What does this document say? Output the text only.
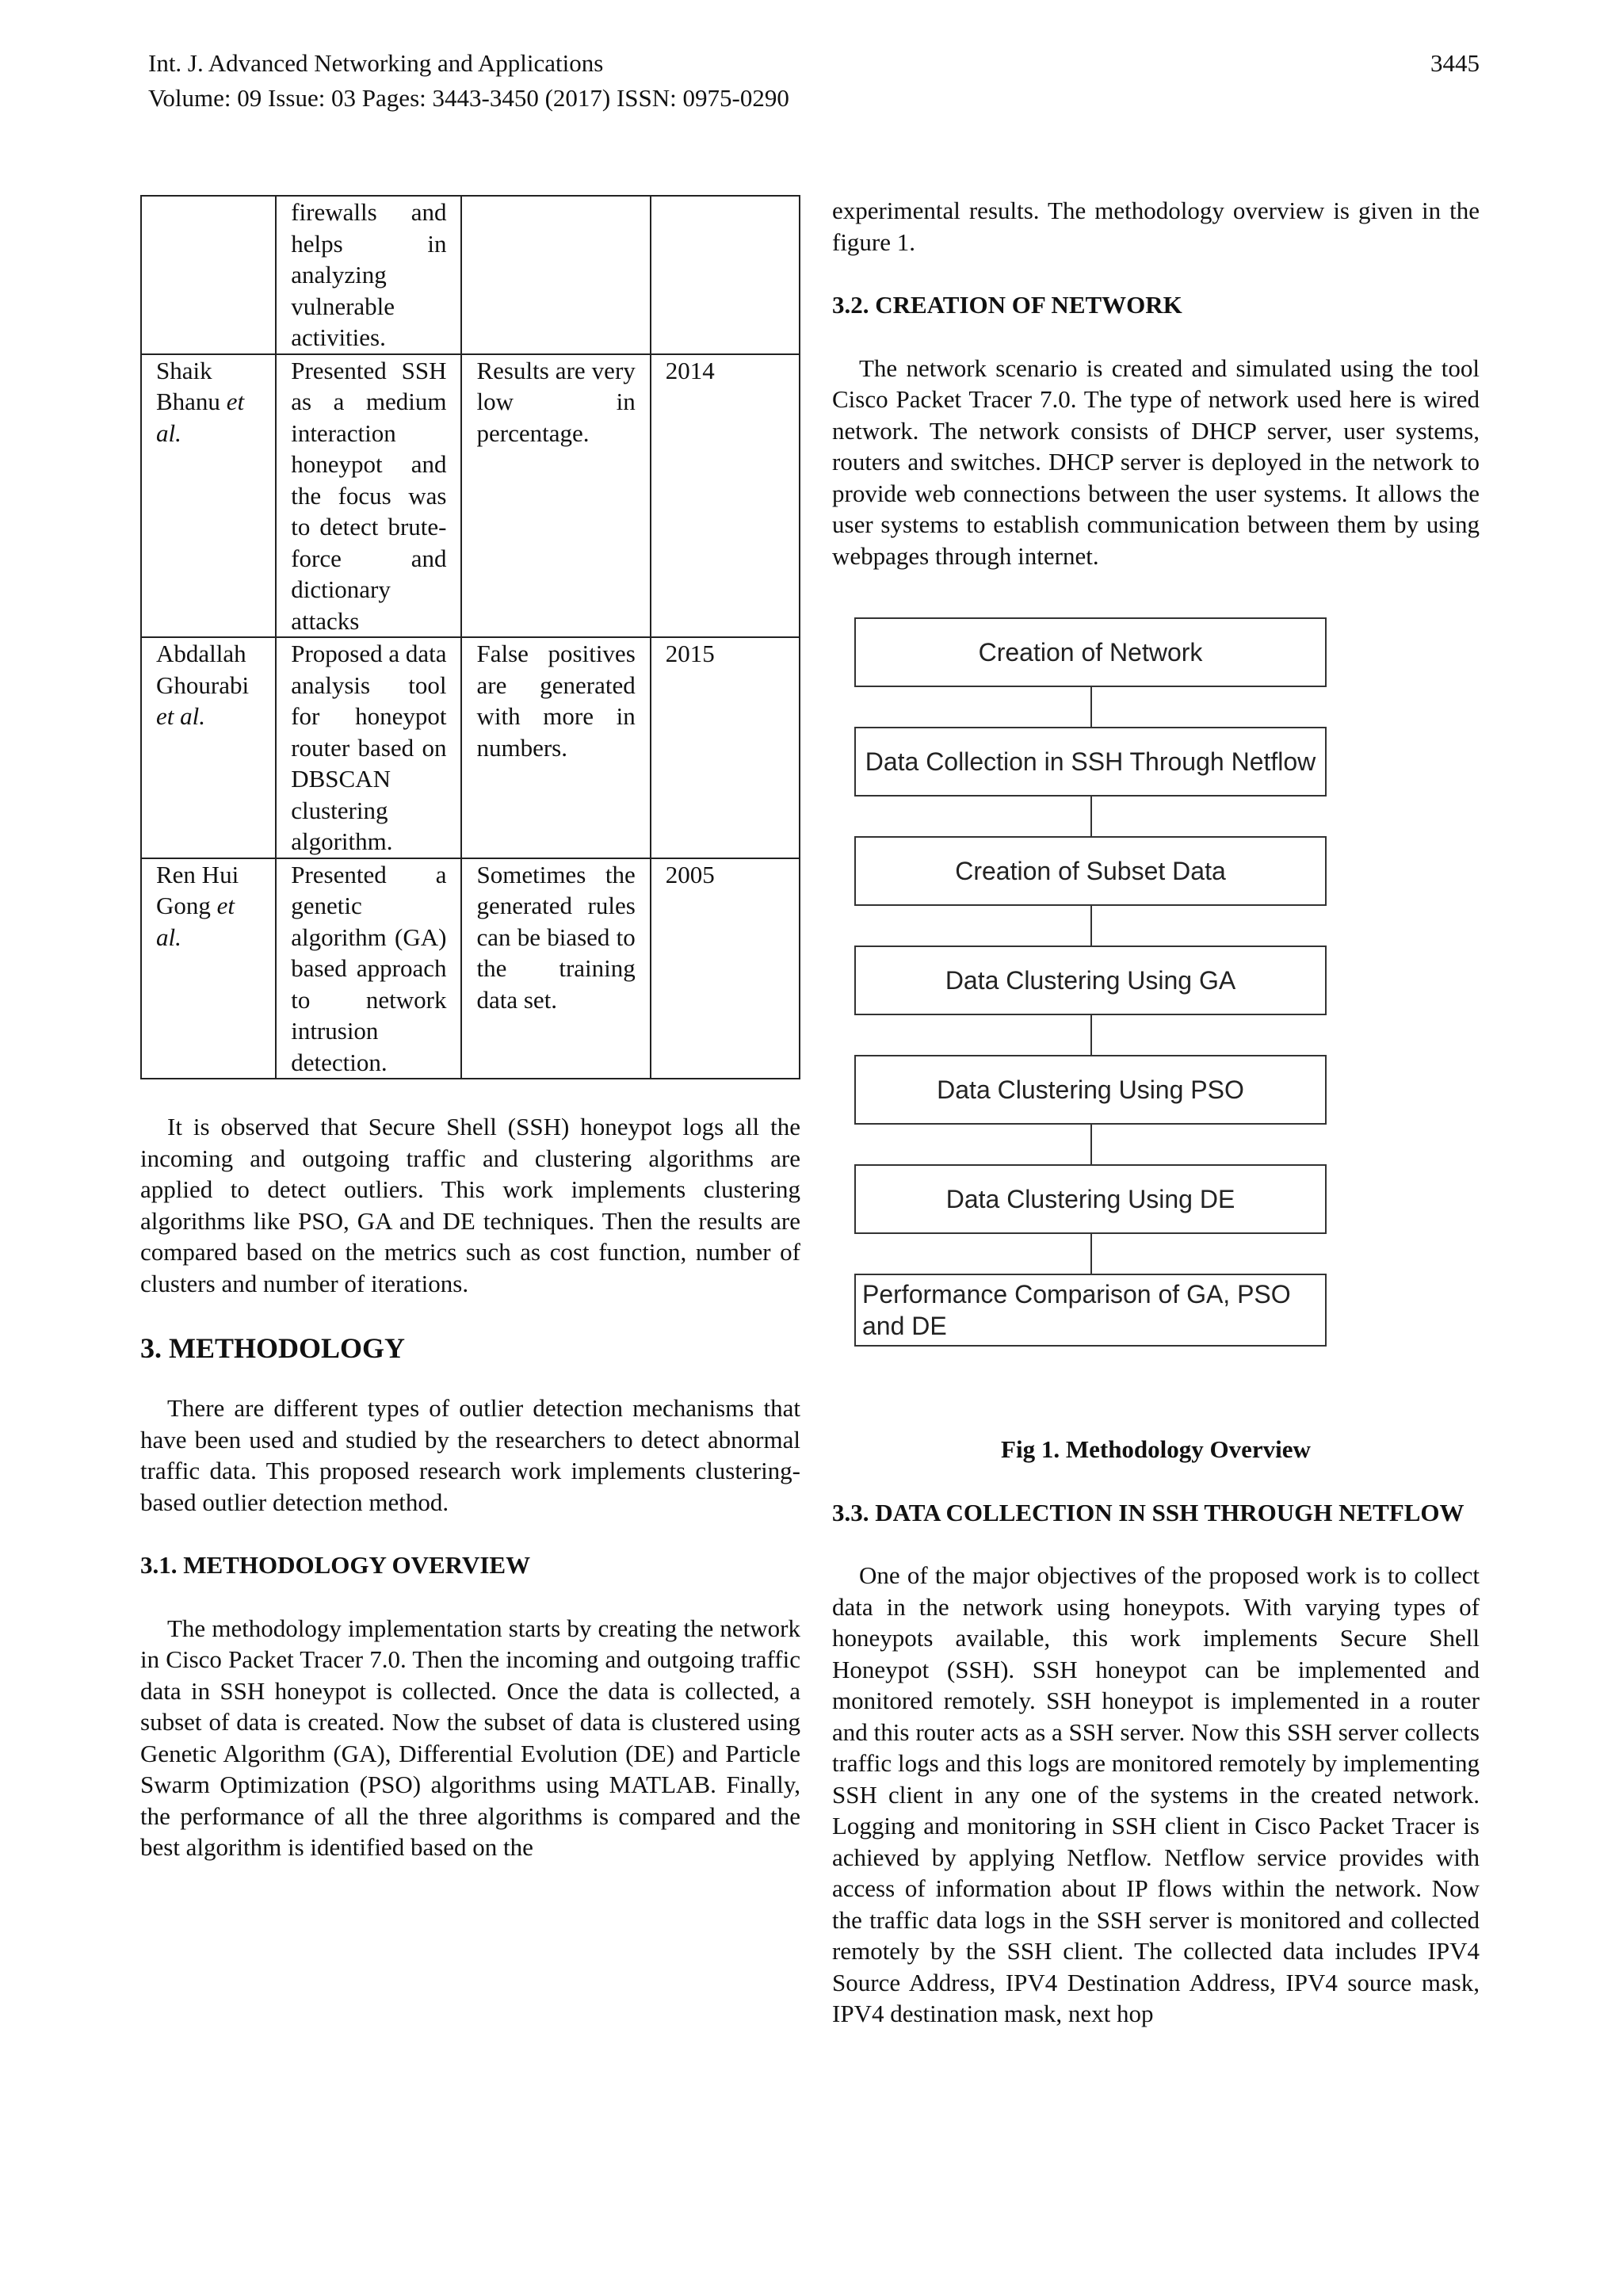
Int. J. Advanced Networking and Applications
Volume: 09 Issue: 03 Pages: 3443-3450 (2017) ISSN: 0975-0290
3445
	firewalls and helps in analyzing vulnerable activities.		
Shaik Bhanu et al.	Presented SSH as a medium interaction honeypot and the focus was to detect brute-force and dictionary attacks	Results are very low in percentage.	2014
Abdallah Ghourabi et al.	Proposed a data analysis tool for honeypot router based on DBSCAN clustering algorithm.	False positives are generated with more in numbers.	2015
Ren Hui Gong et al.	Presented a genetic algorithm (GA) based approach to network intrusion detection.	Sometimes the generated rules can be biased to the training data set.	2005

It is observed that Secure Shell (SSH) honeypot logs all the incoming and outgoing traffic and clustering algorithms are applied to detect outliers. This work implements clustering algorithms like PSO, GA and DE techniques. Then the results are compared based on the metrics such as cost function, number of clusters and number of iterations.

3. METHODOLOGY

There are different types of outlier detection mechanisms that have been used and studied by the researchers to detect abnormal traffic data. This proposed research work implements clustering-based outlier detection method.

3.1. METHODOLOGY OVERVIEW

The methodology implementation starts by creating the network in Cisco Packet Tracer 7.0. Then the incoming and outgoing traffic data in SSH honeypot is collected. Once the data is collected, a subset of data is created. Now the subset of data is clustered using Genetic Algorithm (GA), Differential Evolution (DE) and Particle Swarm Optimization (PSO) algorithms using MATLAB. Finally, the performance of all the three algorithms is compared and the best algorithm is identified based on the

experimental results. The methodology overview is given in the figure 1.

3.2. CREATION OF NETWORK

The network scenario is created and simulated using the tool Cisco Packet Tracer 7.0. The type of network used here is wired network. The network consists of DHCP server, user systems, routers and switches. DHCP server is deployed in the network to provide web connections between the user systems. It allows the user systems to establish communication between them by using webpages through internet.

Creation of Network
Data Collection in SSH Through Netflow
Creation of Subset Data
Data Clustering Using GA
Data Clustering Using PSO
Data Clustering Using DE
Performance Comparison of GA, PSO and DE
Fig 1. Methodology Overview
3.3. DATA COLLECTION IN SSH THROUGH NETFLOW

One of the major objectives of the proposed work is to collect data in the network using honeypots. With varying types of honeypots available, this work implements Secure Shell Honeypot (SSH). SSH honeypot can be implemented and monitored remotely. SSH honeypot is implemented in a router and this router acts as a SSH server. Now this SSH server collects traffic logs and this logs are monitored remotely by implementing SSH client in any one of the systems in the created network. Logging and monitoring in SSH client in Cisco Packet Tracer is achieved by applying Netflow. Netflow service provides with access of information about IP flows within the network. Now the traffic data logs in the SSH server is monitored and collected remotely by the SSH client. The collected data includes IPV4 Source Address, IPV4 Destination Address, IPV4 source mask, IPV4 destination mask, next hop
